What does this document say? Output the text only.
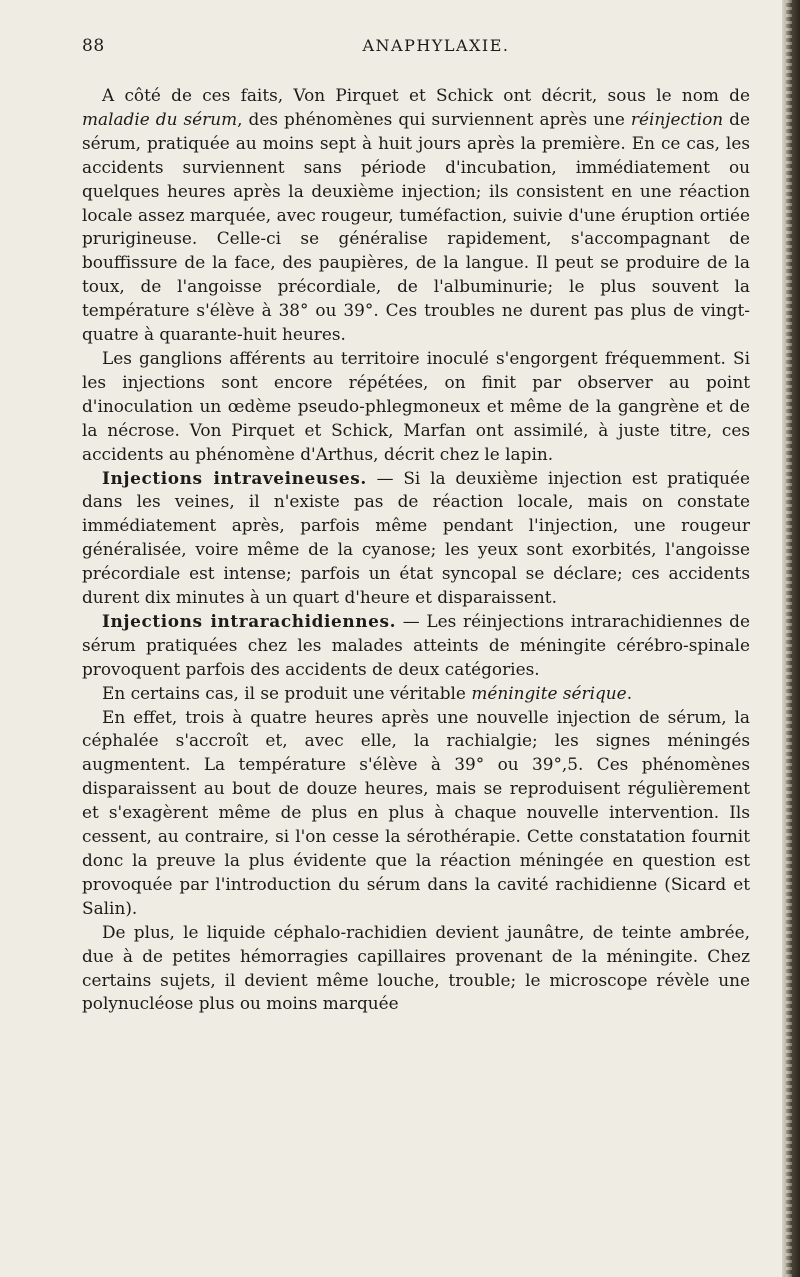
88	ANAPHYLAXIE.

A côté de ces faits, Von Pirquet et Schick ont décrit, sous le nom de maladie du sérum, des phénomènes qui surviennent après une réinjection de sérum, pratiquée au moins sept à huit jours après la première. En ce cas, les accidents surviennent sans période d'incubation, immédiatement ou quelques heures après la deuxième injection; ils consistent en une réaction locale assez marquée, avec rougeur, tuméfaction, suivie d'une éruption ortiée prurigineuse. Celle-ci se généralise rapidement, s'accompagnant de bouffissure de la face, des paupières, de la langue. Il peut se produire de la toux, de l'angoisse précordiale, de l'albuminurie; le plus souvent la température s'élève à 38° ou 39°. Ces troubles ne durent pas plus de vingt-quatre à quarante-huit heures.

Les ganglions afférents au territoire inoculé s'engorgent fréquemment. Si les injections sont encore répétées, on finit par observer au point d'inoculation un œdème pseudo-phlegmoneux et même de la gangrène et de la nécrose. Von Pirquet et Schick, Marfan ont assimilé, à juste titre, ces accidents au phénomène d'Arthus, décrit chez le lapin.

Injections intraveineuses. — Si la deuxième injection est pratiquée dans les veines, il n'existe pas de réaction locale, mais on constate immédiatement après, parfois même pendant l'injection, une rougeur généralisée, voire même de la cyanose; les yeux sont exorbités, l'angoisse précordiale est intense; parfois un état syncopal se déclare; ces accidents durent dix minutes à un quart d'heure et disparaissent.

Injections intrarachidiennes. — Les réinjections intrarachidiennes de sérum pratiquées chez les malades atteints de méningite cérébro-spinale provoquent parfois des accidents de deux catégories.

En certains cas, il se produit une véritable méningite sérique.

En effet, trois à quatre heures après une nouvelle injection de sérum, la céphalée s'accroît et, avec elle, la rachialgie; les signes méningés augmentent. La température s'élève à 39° ou 39°,5. Ces phénomènes disparaissent au bout de douze heures, mais se reproduisent régulièrement et s'exagèrent même de plus en plus à chaque nouvelle intervention. Ils cessent, au contraire, si l'on cesse la sérothérapie. Cette constatation fournit donc la preuve la plus évidente que la réaction méningée en question est provoquée par l'introduction du sérum dans la cavité rachidienne (Sicard et Salin).

De plus, le liquide céphalo-rachidien devient jaunâtre, de teinte ambrée, due à de petites hémorragies capillaires provenant de la méningite. Chez certains sujets, il devient même louche, trouble; le microscope révèle une polynucléose plus ou moins marquée
